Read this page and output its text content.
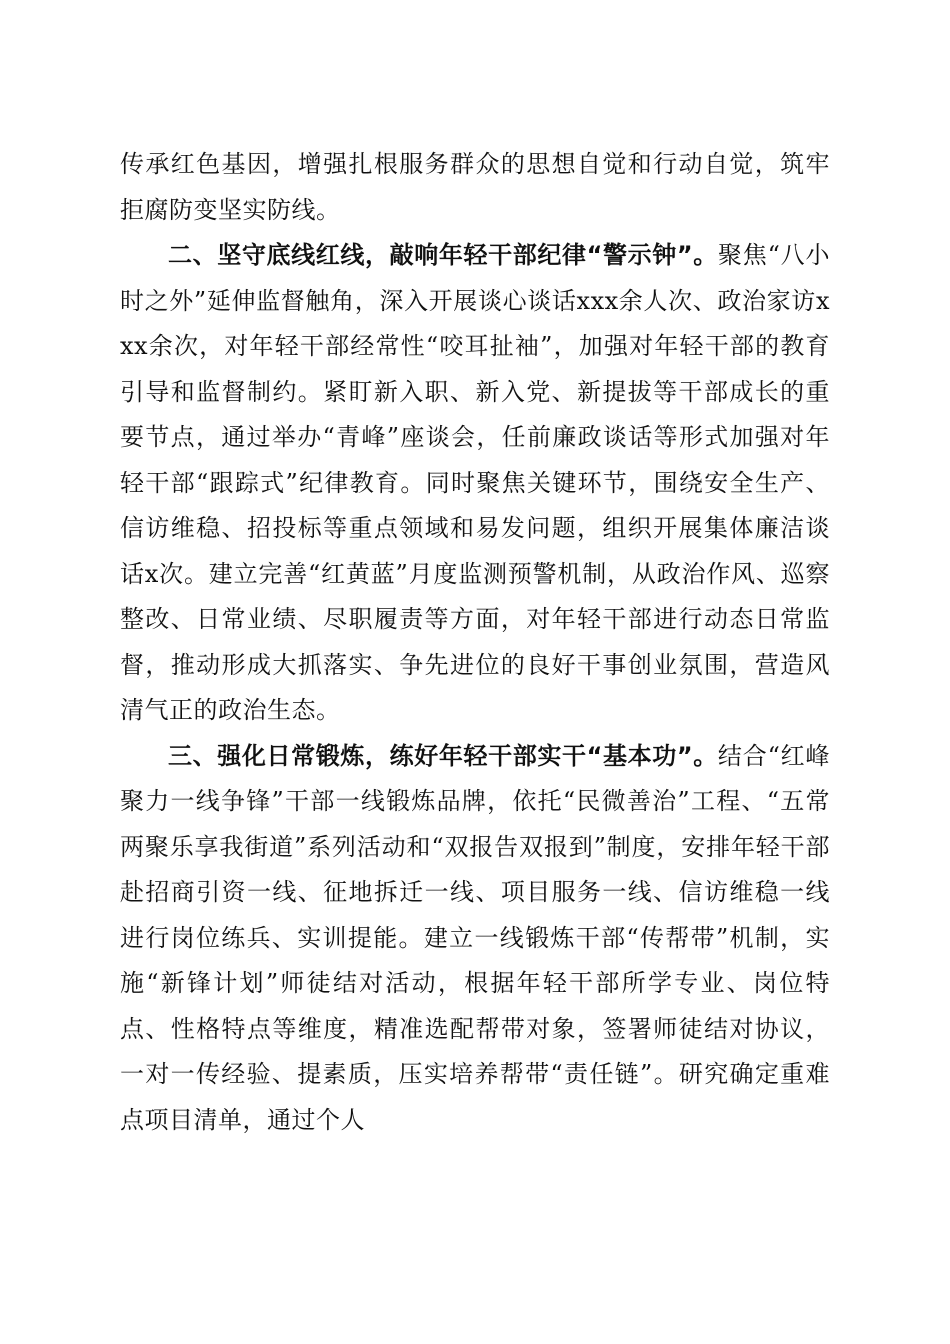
传承红色基因，增强扎根服务群众的思想自觉和行动自觉，筑牢拒腐防变坚实防线。

二、坚守底线红线，敲响年轻干部纪律“警示钟”。聚焦“八小时之外”延伸监督触角，深入开展谈心谈话xxx余人次、政治家访xxx余次，对年轻干部经常性“咬耳扯袖”，加强对年轻干部的教育引导和监督制约。紧盯新入职、新入党、新提拔等干部成长的重要节点，通过举办“青峰”座谈会，任前廉政谈话等形式加强对年轻干部“跟踪式”纪律教育。同时聚焦关键环节，围绕安全生产、信访维稳、招投标等重点领域和易发问题，组织开展集体廉洁谈话x次。建立完善“红黄蓝”月度监测预警机制，从政治作风、巡察整改、日常业绩、尽职履责等方面，对年轻干部进行动态日常监督，推动形成大抓落实、争先进位的良好干事创业氛围，营造风清气正的政治生态。

三、强化日常锻炼，练好年轻干部实干“基本功”。结合“红峰聚力一线争锋”干部一线锻炼品牌，依托“民微善治”工程、“五常两聚乐享我街道”系列活动和“双报告双报到”制度，安排年轻干部赴招商引资一线、征地拆迁一线、项目服务一线、信访维稳一线进行岗位练兵、实训提能。建立一线锻炼干部“传帮带”机制，实施“新锋计划”师徒结对活动，根据年轻干部所学专业、岗位特点、性格特点等维度，精准选配帮带对象，签署师徒结对协议，一对一传经验、提素质，压实培养帮带“责任链”。研究确定重难点项目清单，通过个人
